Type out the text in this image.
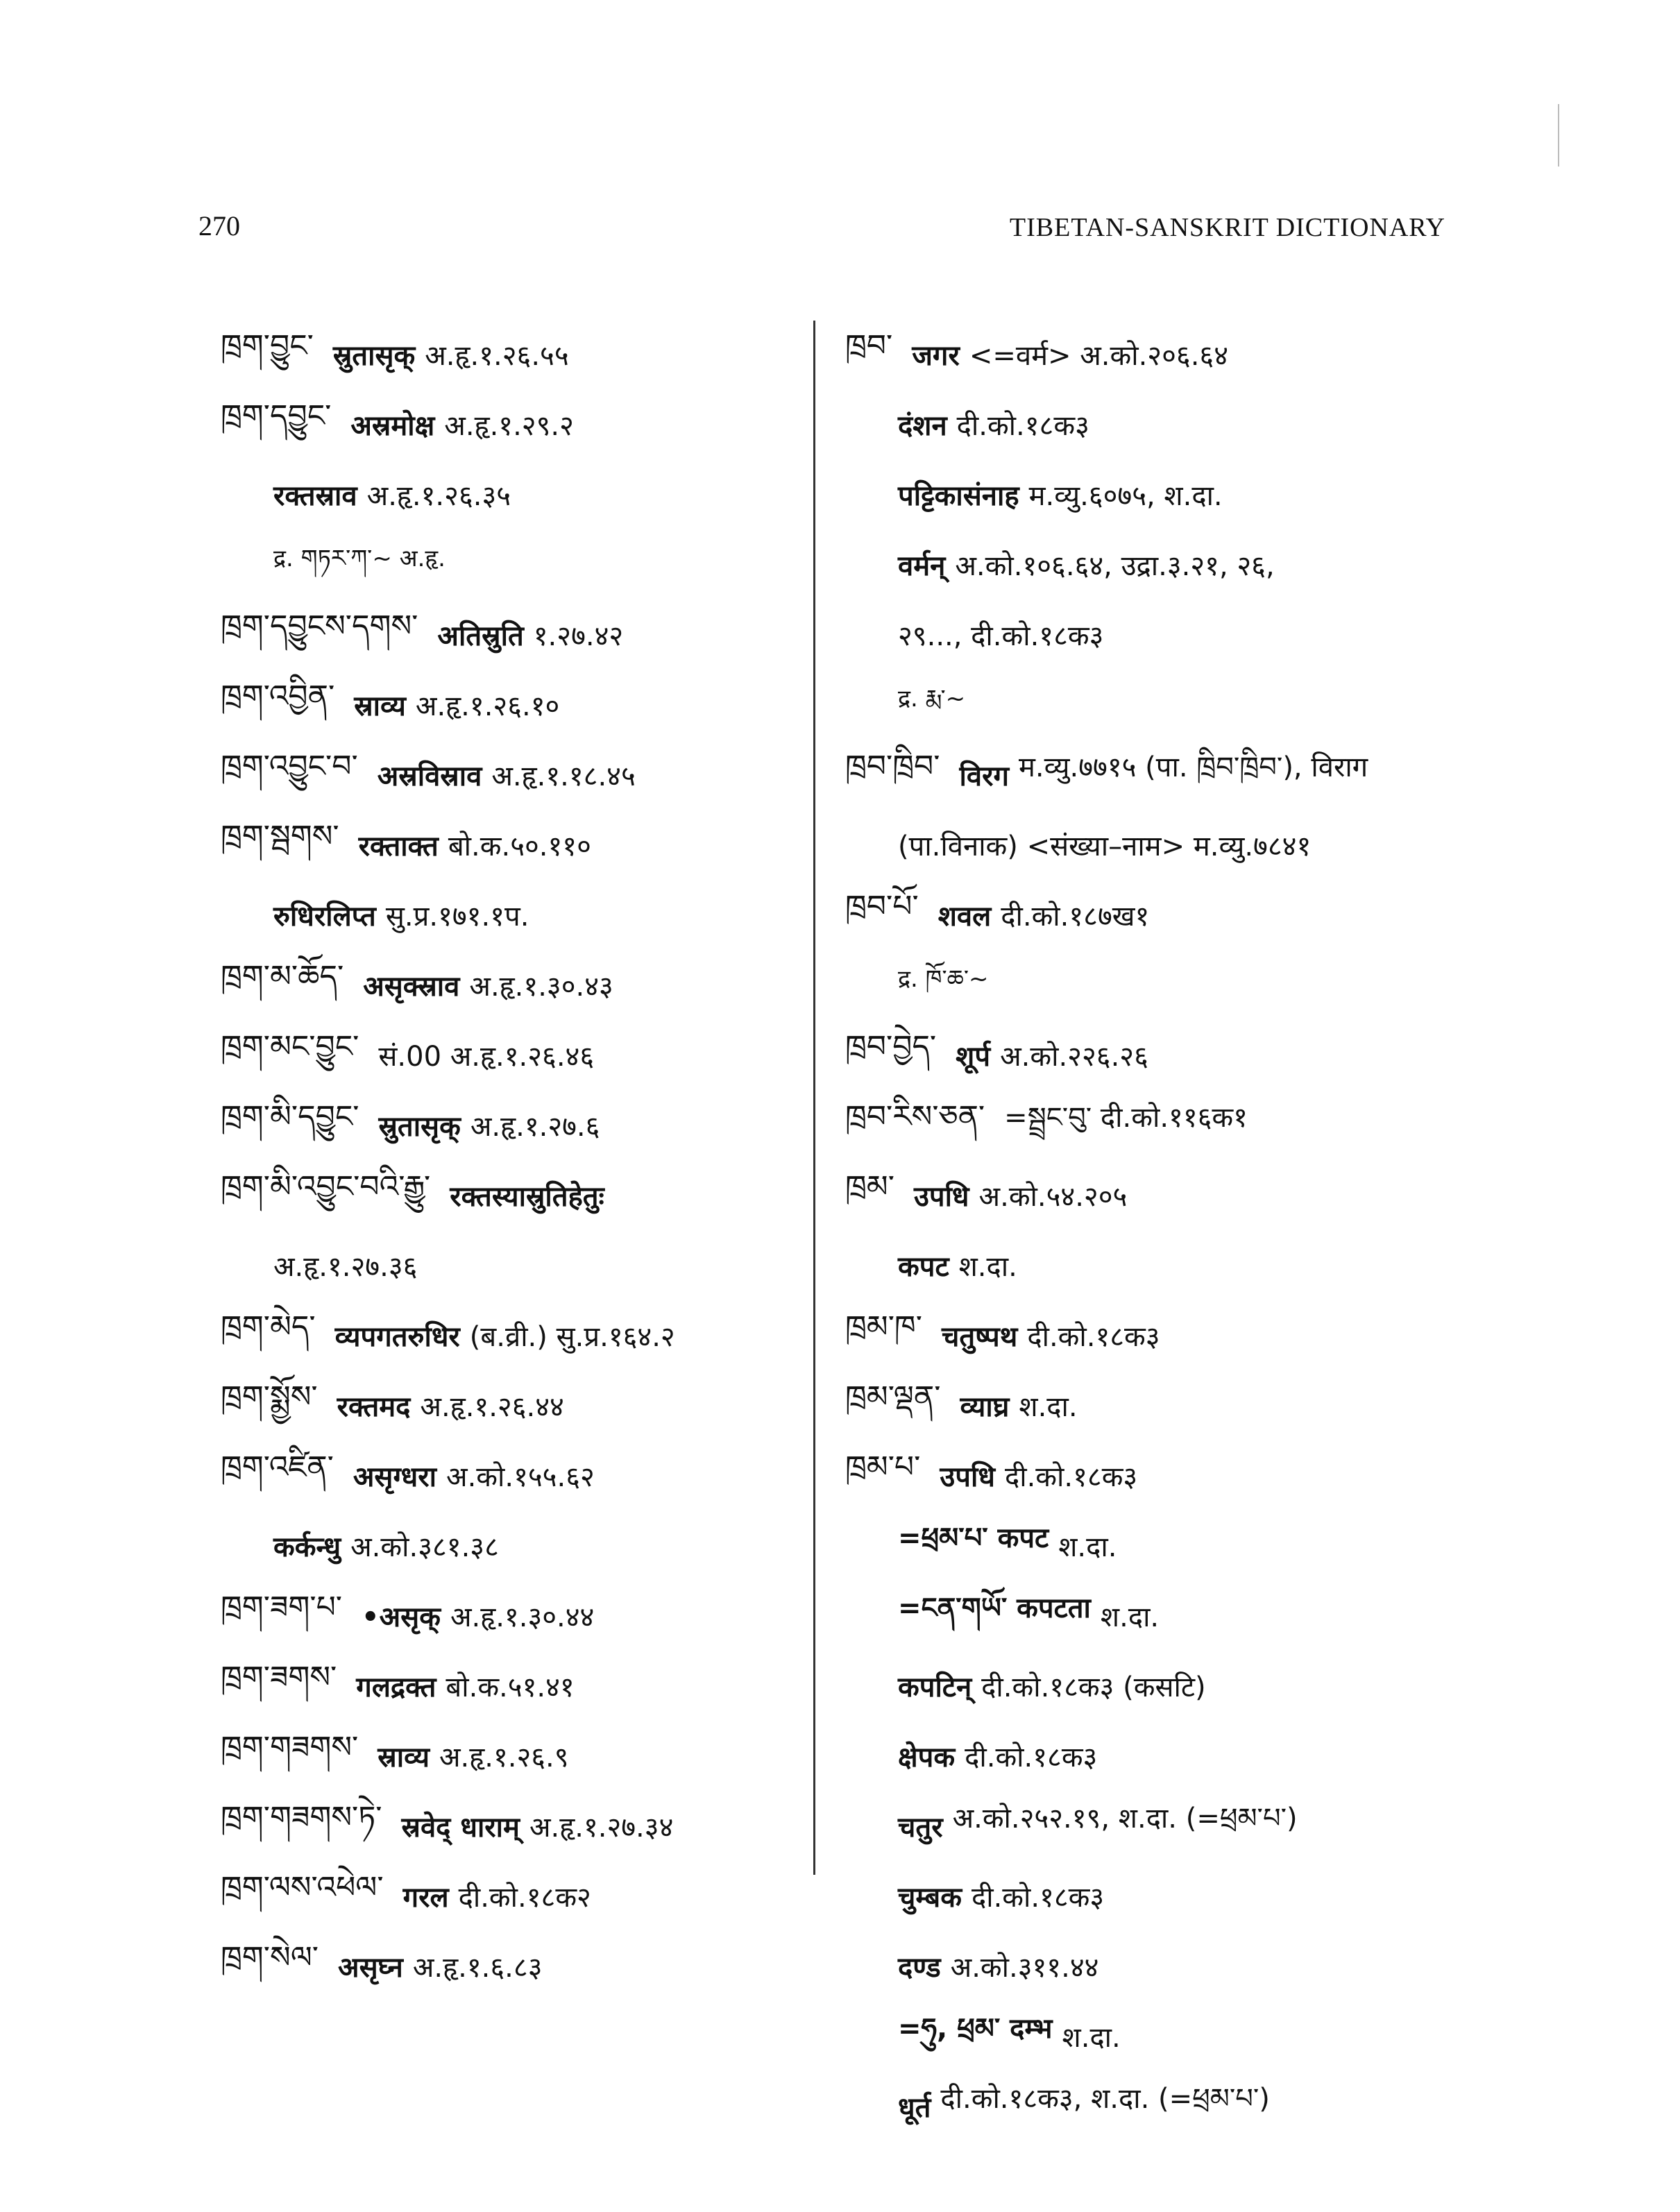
270	TIBETAN-SANSKRIT DICTIONARY
ཁྲག་བྱུང་ स्रुतासृक् अ.हृ.१.२६.५५
ཁྲག་དབྱུང་ अस्रमोक्ष अ.हृ.१.२९.२
रक्तस्राव अ.हृ.१.२६.३५
द्र. གཏར་ཀ་~ अ.हृ.
ཁྲག་དབྱུངས་དགས་ अतिस्रुति १.२७.४२
ཁྲག་འབྱིན་ स्राव्य अ.हृ.१.२६.१०
ཁྲག་འབྱུང་བ་ अस्रविस्राव अ.हृ.१.१८.४५
ཁྲག་སྦགས་ रक्ताक्त बो.क.५०.११०
रुधिरलिप्त सु.प्र.१७१.१प.
ཁྲག་མ་ཆོད་ असृक्स्राव अ.हृ.१.३०.४३
ཁྲག་མང་བྱུང་ सं.00 अ.हृ.१.२६.४६
ཁྲག་མི་དབྱུང་ स्रुतासृक् अ.हृ.१.२७.६
ཁྲག་མི་འབྱུང་བའི་རྒྱུ་ रक्तस्यास्रुतिहेतुः
अ.हृ.१.२७.३६
ཁྲག་མེད་ व्यपगतरुधिर (ब.व्री.) सु.प्र.१६४.२
ཁྲག་སྨྱོས་ रक्तमद अ.हृ.१.२६.४४
ཁྲག་འཛིན་ असृग्धरा अ.को.१५५.६२
कर्कन्धु अ.को.३८१.३८
ཁྲག་ཟག་པ་ •असृक् अ.हृ.१.३०.४४
ཁྲག་ཟགས་ गलद्रक्त बो.क.५१.४१
ཁྲག་གཟགས་ स्राव्य अ.हृ.१.२६.९
ཁྲག་གཟགས་ཏེ་ स्रवेद् धाराम् अ.हृ.१.२७.३४
ཁྲག་ལས་འཕེལ་ गरल दी.को.१८क२
ཁྲག་སེལ་ असृघ्न अ.हृ.१.६.८३
ཁྲབ་ जगर <=वर्म> अ.को.२०६.६४
दंशन दी.को.१८क३
पट्टिकासंनाह म.व्यु.६०७५, श.दा.
वर्मन् अ.को.१०६.६४, उद्रा.३.२१, २६,
२९..., दी.को.१८क३
द्र. རྨ་~
ཁྲབ་ཁྲིབ་ विरग म.व्यु.७७१५ (पा. ཁྲིབ་ཁྲིབ་), विराग
(पा.विनाक) <संख्या–नाम> म.व्यु.७८४१
ཁྲབ་པོ་ शवल दी.को.१८७ख१
द्र. ཁོ་ཆ་~
ཁྲབ་བྱེད་ शूर्प अ.को.२२६.२६
ཁྲབ་རིས་ཅན་ =སྦྲང་བུ་ दी.को.११६क१
ཁྲམ་ उपधि अ.को.५४.२०५
कपट श.दा.
ཁྲམ་ཁ་ चतुष्पथ दी.को.१८क३
ཁྲམ་ལྡན་ व्याघ्र श.दा.
ཁྲམ་པ་ उपधि दी.को.१८क३
=ཕྲམ་པ་ कपट श.दा.
=ངན་གཡོ་ कपटता श.दा.
कपटिन् दी.को.१८क३ (कसटि)
क्षेपक दी.को.१८क३
चतुर अ.को.२५२.१९, श.दा. (=ཕྲམ་པ་)
चुम्बक दी.को.१८क३
दण्ड अ.को.३११.४४
=ཧུ, ཕྲམ་ दम्भ श.दा.
धूर्त दी.को.१८क३, श.दा. (=ཕྲམ་པ་)
